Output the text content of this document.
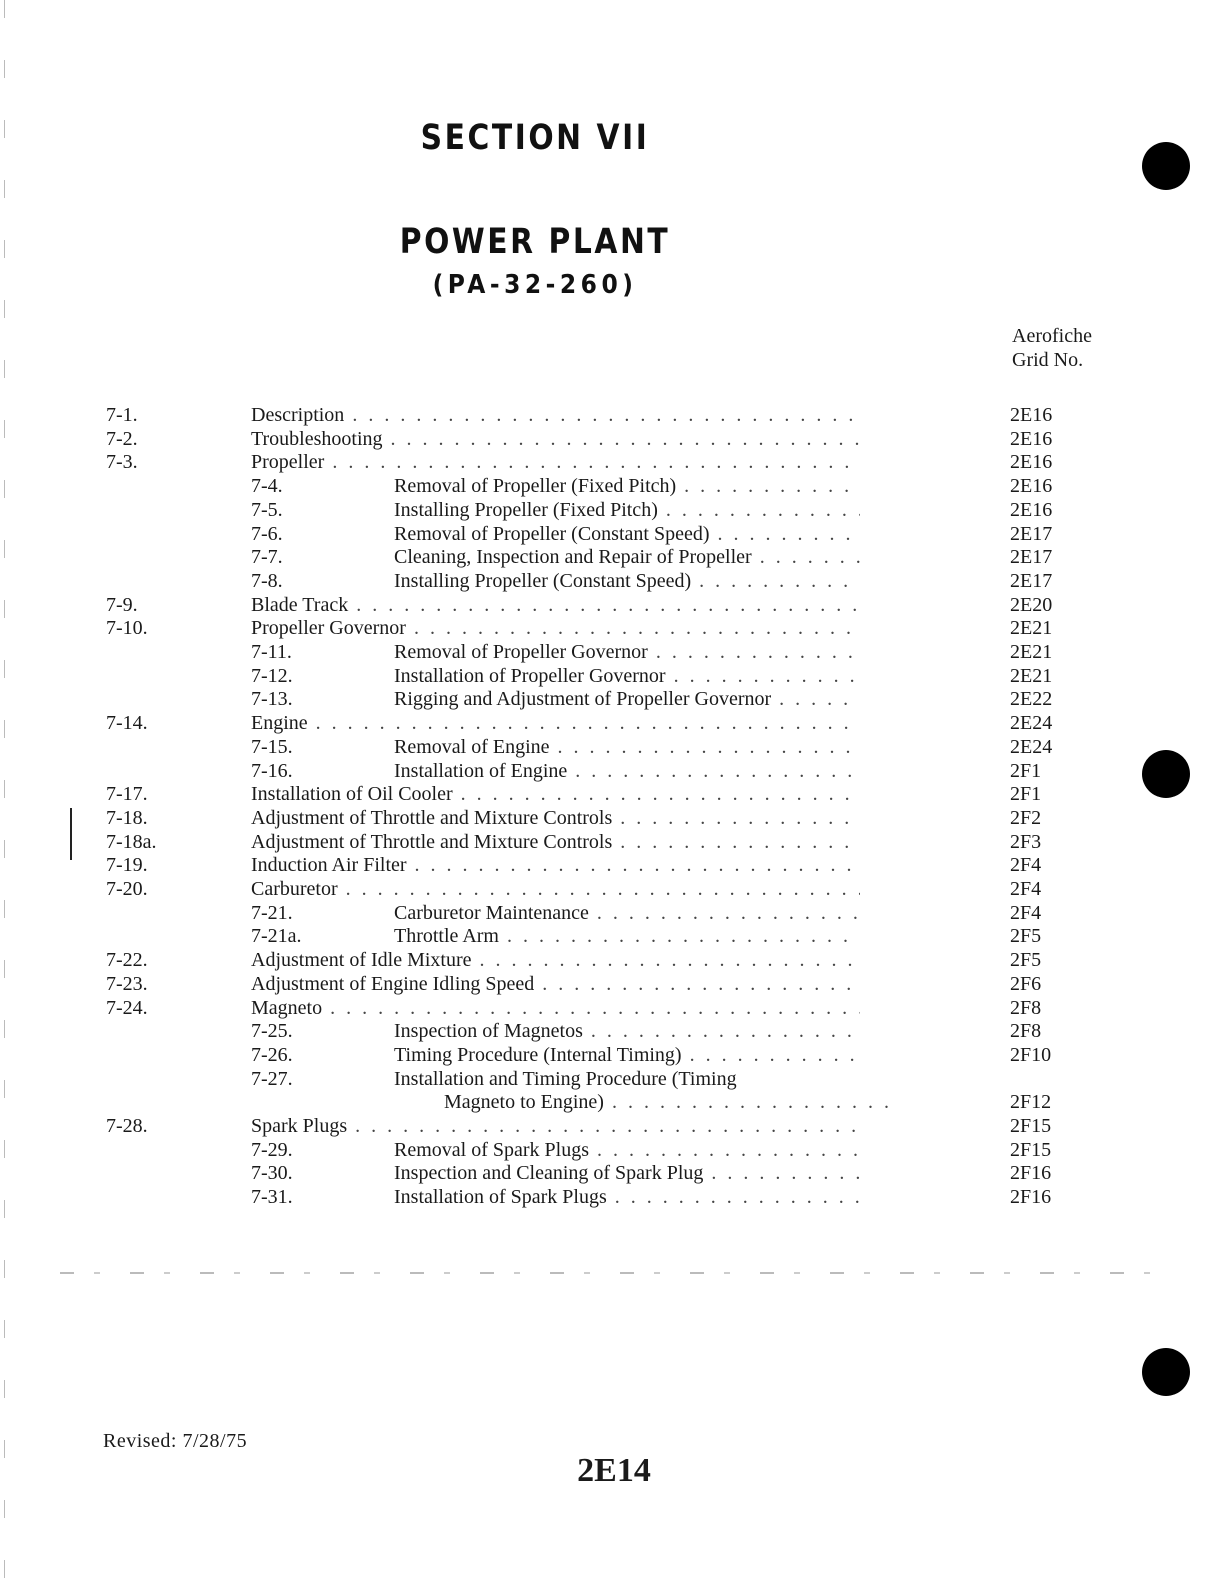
SECTION VII
POWER PLANT
(PA-32-260)
Aerofiche
Grid No.
7-1.	Description . . .	2E16
7-2.	Troubleshooting . . .	2E16
7-3.	Propeller . . .	2E16
7-4.	Removal of Propeller (Fixed Pitch) . . .	2E16
7-5.	Installing Propeller (Fixed Pitch) . . .	2E16
7-6.	Removal of Propeller (Constant Speed) . . .	2E17
7-7.	Cleaning, Inspection and Repair of Propeller . . .	2E17
7-8.	Installing Propeller (Constant Speed) . . .	2E17
7-9.	Blade Track . . .	2E20
7-10.	Propeller Governor . . .	2E21
7-11.	Removal of Propeller Governor . . .	2E21
7-12.	Installation of Propeller Governor . . .	2E21
7-13.	Rigging and Adjustment of Propeller Governor . . .	2E22
7-14.	Engine . . .	2E24
7-15.	Removal of Engine . . .	2E24
7-16.	Installation of Engine . . .	2F1
7-17.	Installation of Oil Cooler . . .	2F1
7-18.	Adjustment of Throttle and Mixture Controls . . .	2F2
7-18a.	Adjustment of Throttle and Mixture Controls . . .	2F3
7-19.	Induction Air Filter . . .	2F4
7-20.	Carburetor . . .	2F4
7-21.	Carburetor Maintenance . . .	2F4
7-21a.	Throttle Arm . . .	2F5
7-22.	Adjustment of Idle Mixture . . .	2F5
7-23.	Adjustment of Engine Idling Speed . . .	2F6
7-24.	Magneto . . .	2F8
7-25.	Inspection of Magnetos . . .	2F8
7-26.	Timing Procedure (Internal Timing) . . .	2F10
7-27.	Installation and Timing Procedure (Timing
Magneto to Engine) . . .	2F12
7-28.	Spark Plugs . . .	2F15
7-29.	Removal of Spark Plugs . . .	2F15
7-30.	Inspection and Cleaning of Spark Plug . . .	2F16
7-31.	Installation of Spark Plugs . . .	2F16
Revised: 7/28/75
2E14
